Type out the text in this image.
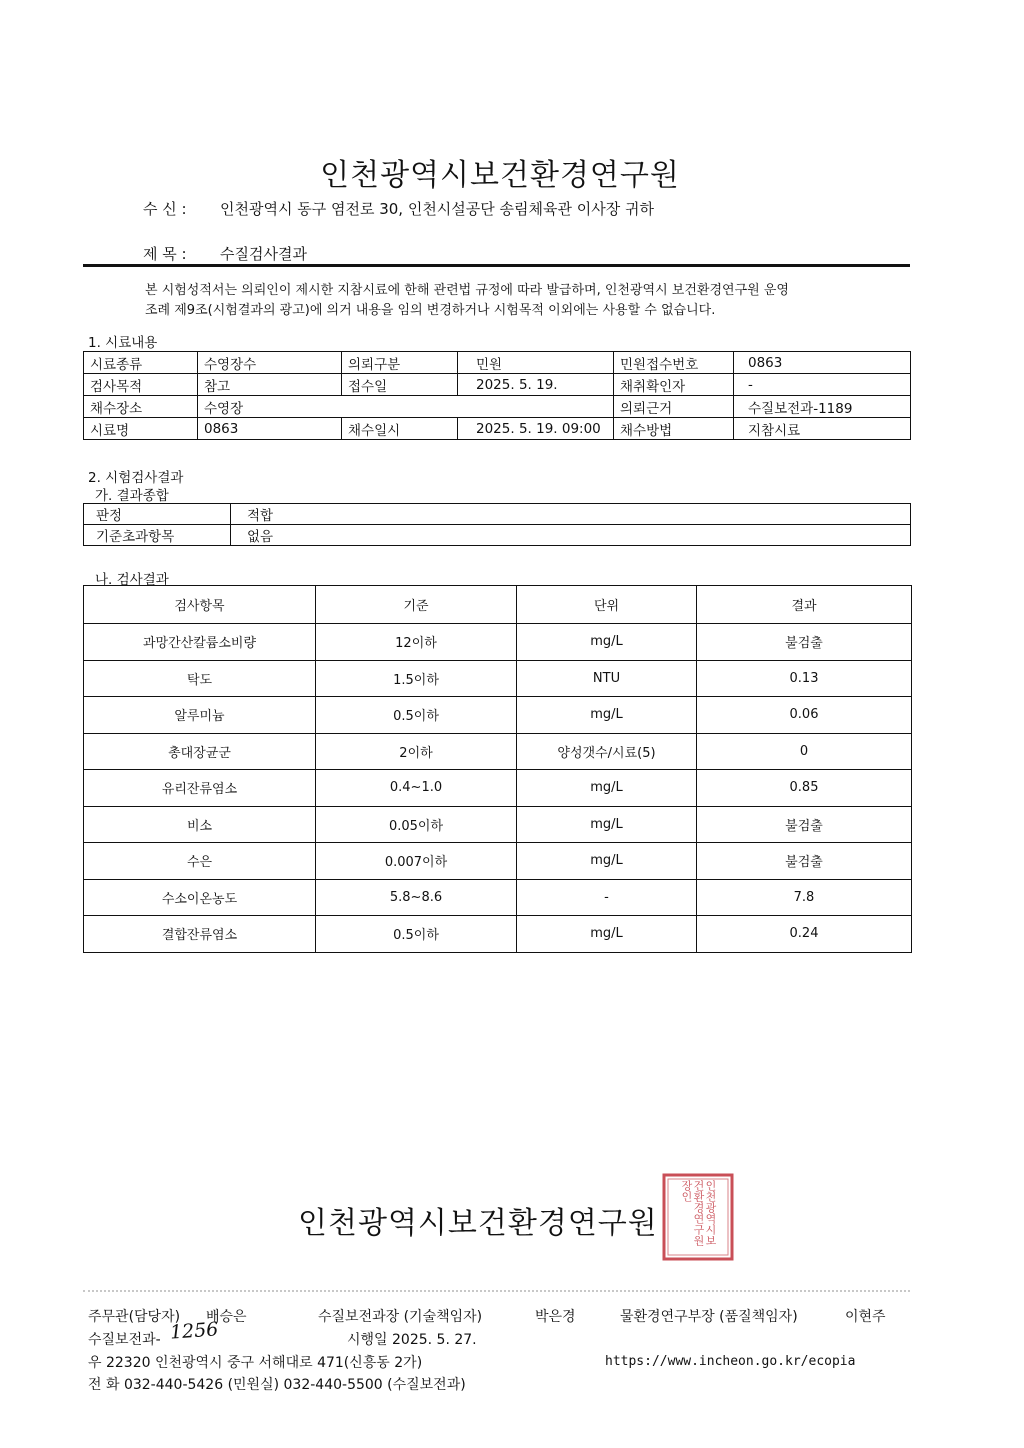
인천광역시보건환경연구원
수 신 : 인천광역시 동구 염전로 30, 인천시설공단 송림체육관 이사장 귀하
제 목 : 수질검사결과
본 시험성적서는 의뢰인이 제시한 지참시료에 한해 관련법 규정에 따라 발급하며, 인천광역시 보건환경연구원 운영
조례 제9조(시험결과의 광고)에 의거 내용을 임의 변경하거나 시험목적 이외에는 사용할 수 없습니다.
1. 시료내용
시료종류	수영장수	의뢰구분	민원	민원접수번호	0863
검사목적	참고	접수일	2025. 5. 19.	채취확인자	-
채수장소	수영장			의뢰근거	수질보전과-1189
시료명	0863	채수일시	2025. 5. 19. 09:00	채수방법	지참시료
2. 시험검사결과
가. 결과종합
판정	적합
기준초과항목	없음
나. 검사결과
검사항목	기준	단위	결과
과망간산칼륨소비량	12이하	mg/L	불검출
탁도	1.5이하	NTU	0.13
알루미늄	0.5이하	mg/L	0.06
총대장균군	2이하	양성갯수/시료(5)	0
유리잔류염소	0.4~1.0	mg/L	0.85
비소	0.05이하	mg/L	불검출
수은	0.007이하	mg/L	불검출
수소이온농도	5.8~8.6	-	7.8
결합잔류염소	0.5이하	mg/L	0.24
인천광역시보건환경연구원	인천광역시보건환경연구원장인
주무관(담당자) 배승은	수질보전과장 (기술책임자)	박은경	물환경연구부장 (품질책임자)	이현주
수질보전과- 1256	시행일 2025. 5. 27.
우 22320 인천광역시 중구 서해대로 471(신흥동 2가)	https://www.incheon.go.kr/ecopia
전 화 032-440-5426 (민원실) 032-440-5500 (수질보전과)
